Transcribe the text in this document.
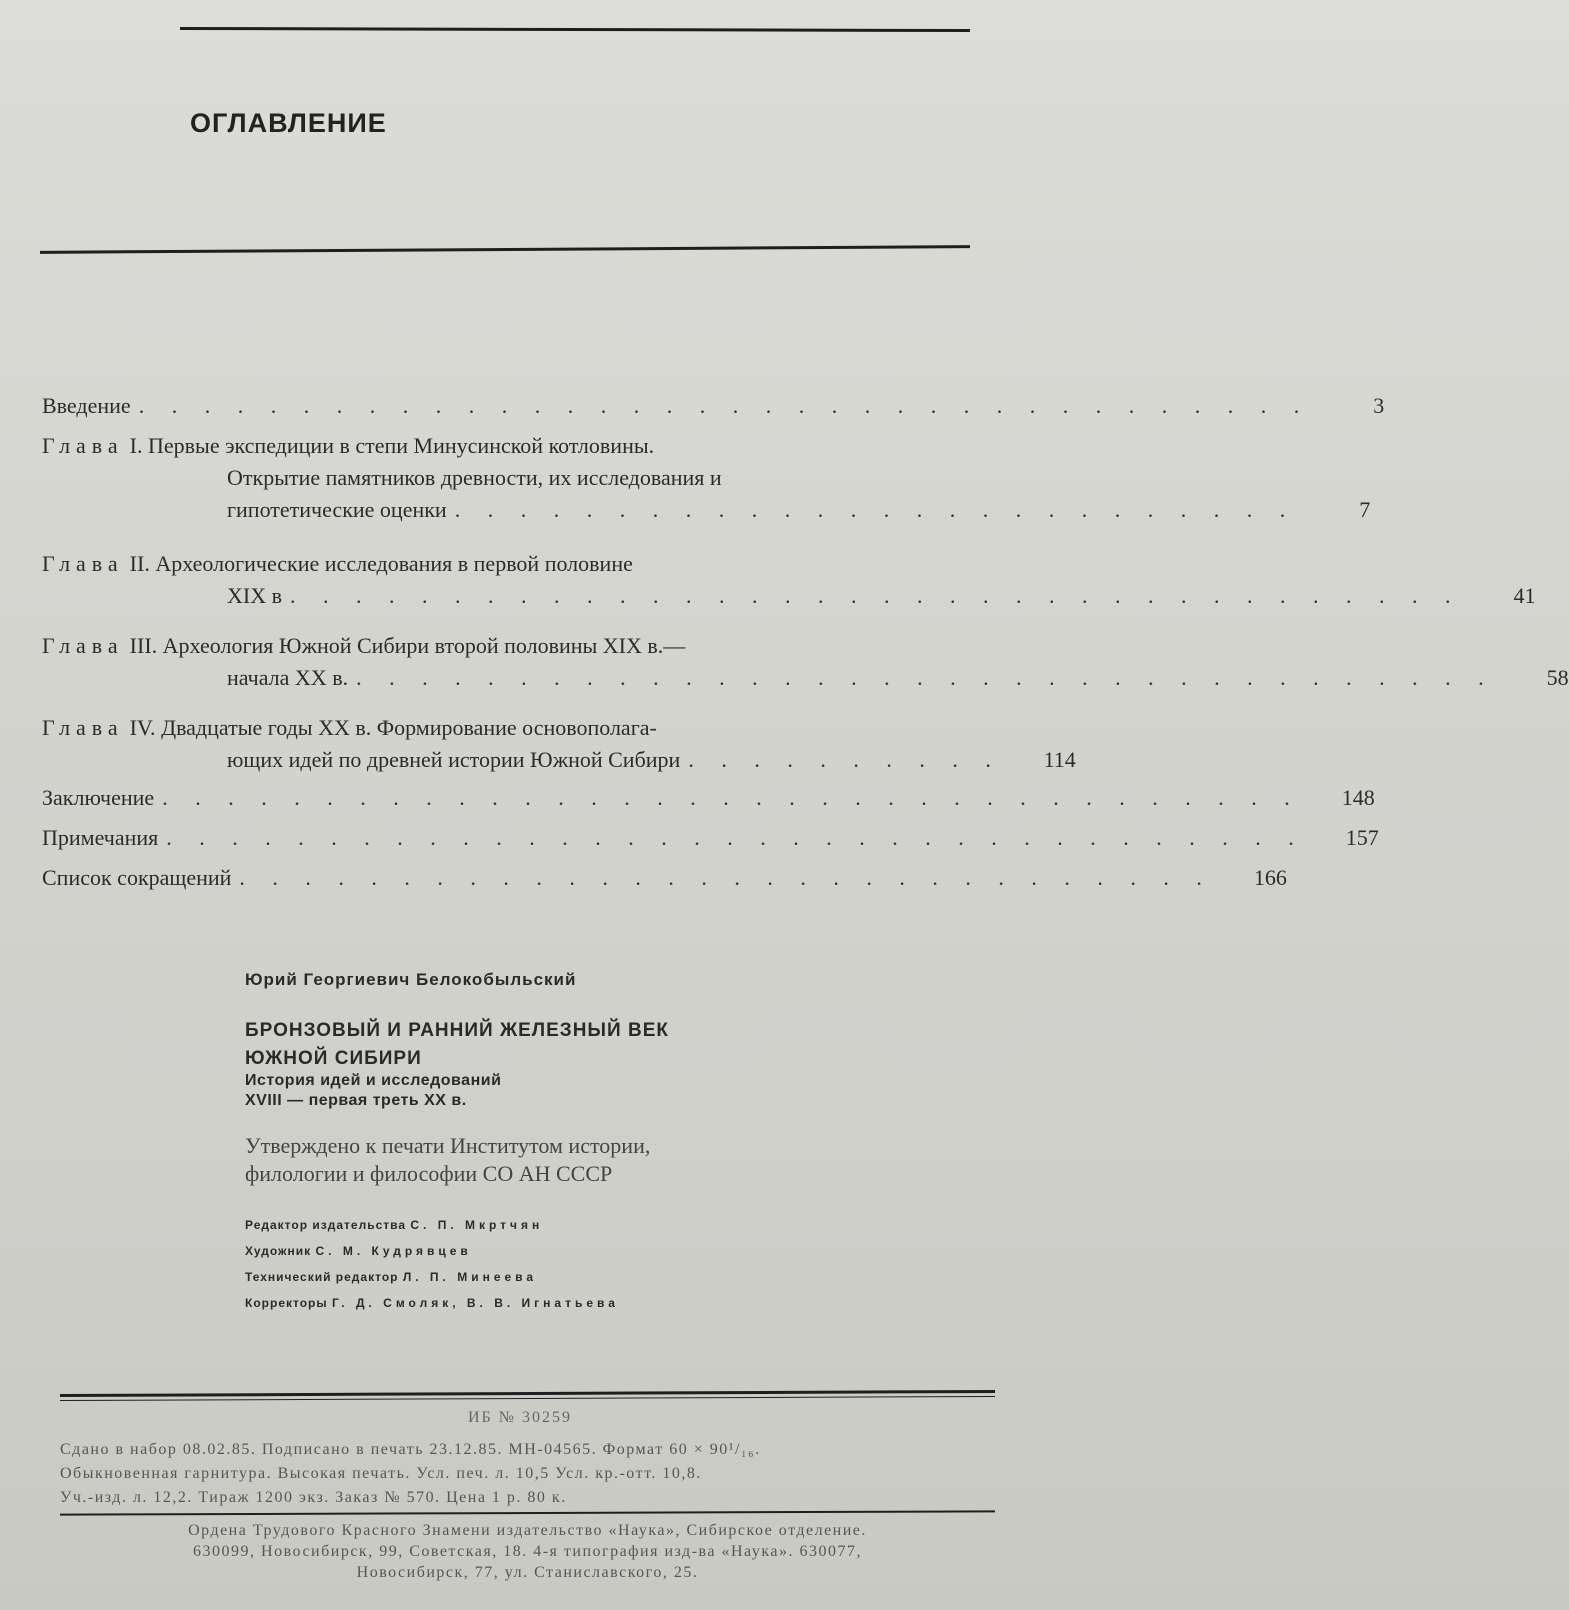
ОГЛАВЛЕНИЕ
Введение . . . . . . . . . . . . . . . . . . . . . . . . . . . . . . . . . . . .	3
Глава I. Первые экспедиции в степи Минусинской котловины.
Открытие памятников древности, их исследования и
гипотетические оценки . . . . . . . . . . . . . . . . . . . . . . . . . .	7
Глава II. Археологические исследования в первой половине
XIX в . . . . . . . . . . . . . . . . . . . . . . . . . . . . . . . . . . . .	41
Глава III. Археология Южной Сибири второй половины XIX в.—
начала XX в. . . . . . . . . . . . . . . . . . . . . . . . . . . . . . . . . . . .	58
Глава IV. Двадцатые годы XX в. Формирование основополага-
ющих идей по древней истории Южной Сибири . . . . . . . . . .	114
Заключение . . . . . . . . . . . . . . . . . . . . . . . . . . . . . . . . . . .	148
Примечания . . . . . . . . . . . . . . . . . . . . . . . . . . . . . . . . . . .	157
Список сокращений . . . . . . . . . . . . . . . . . . . . . . . . . . . . . .	166
Юрий Георгиевич Белокобыльский
БРОНЗОВЫЙ И РАННИЙ ЖЕЛЕЗНЫЙ ВЕК
ЮЖНОЙ СИБИРИ
История идей и исследований
XVIII — первая треть XX в.
Утверждено к печати Институтом истории,
филологии и философии СО АН СССР
Редактор издательства С. П. Мкртчян
Художник С. М. Кудрявцев
Технический редактор Л. П. Минеева
Корректоры Г. Д. Смоляк, В. В. Игнатьева
ИБ № 30259
Сдано в набор 08.02.85. Подписано в печать 23.12.85. МН-04565. Формат 60 × 90¹/₁₆.
Обыкновенная гарнитура. Высокая печать. Усл. печ. л. 10,5 Усл. кр.-отт. 10,8.
Уч.-изд. л. 12,2. Тираж 1200 экз. Заказ № 570. Цена 1 р. 80 к.
Ордена Трудового Красного Знамени издательство «Наука», Сибирское отделение.
630099, Новосибирск, 99, Советская, 18. 4-я типография изд-ва «Наука». 630077,
Новосибирск, 77, ул. Станиславского, 25.
